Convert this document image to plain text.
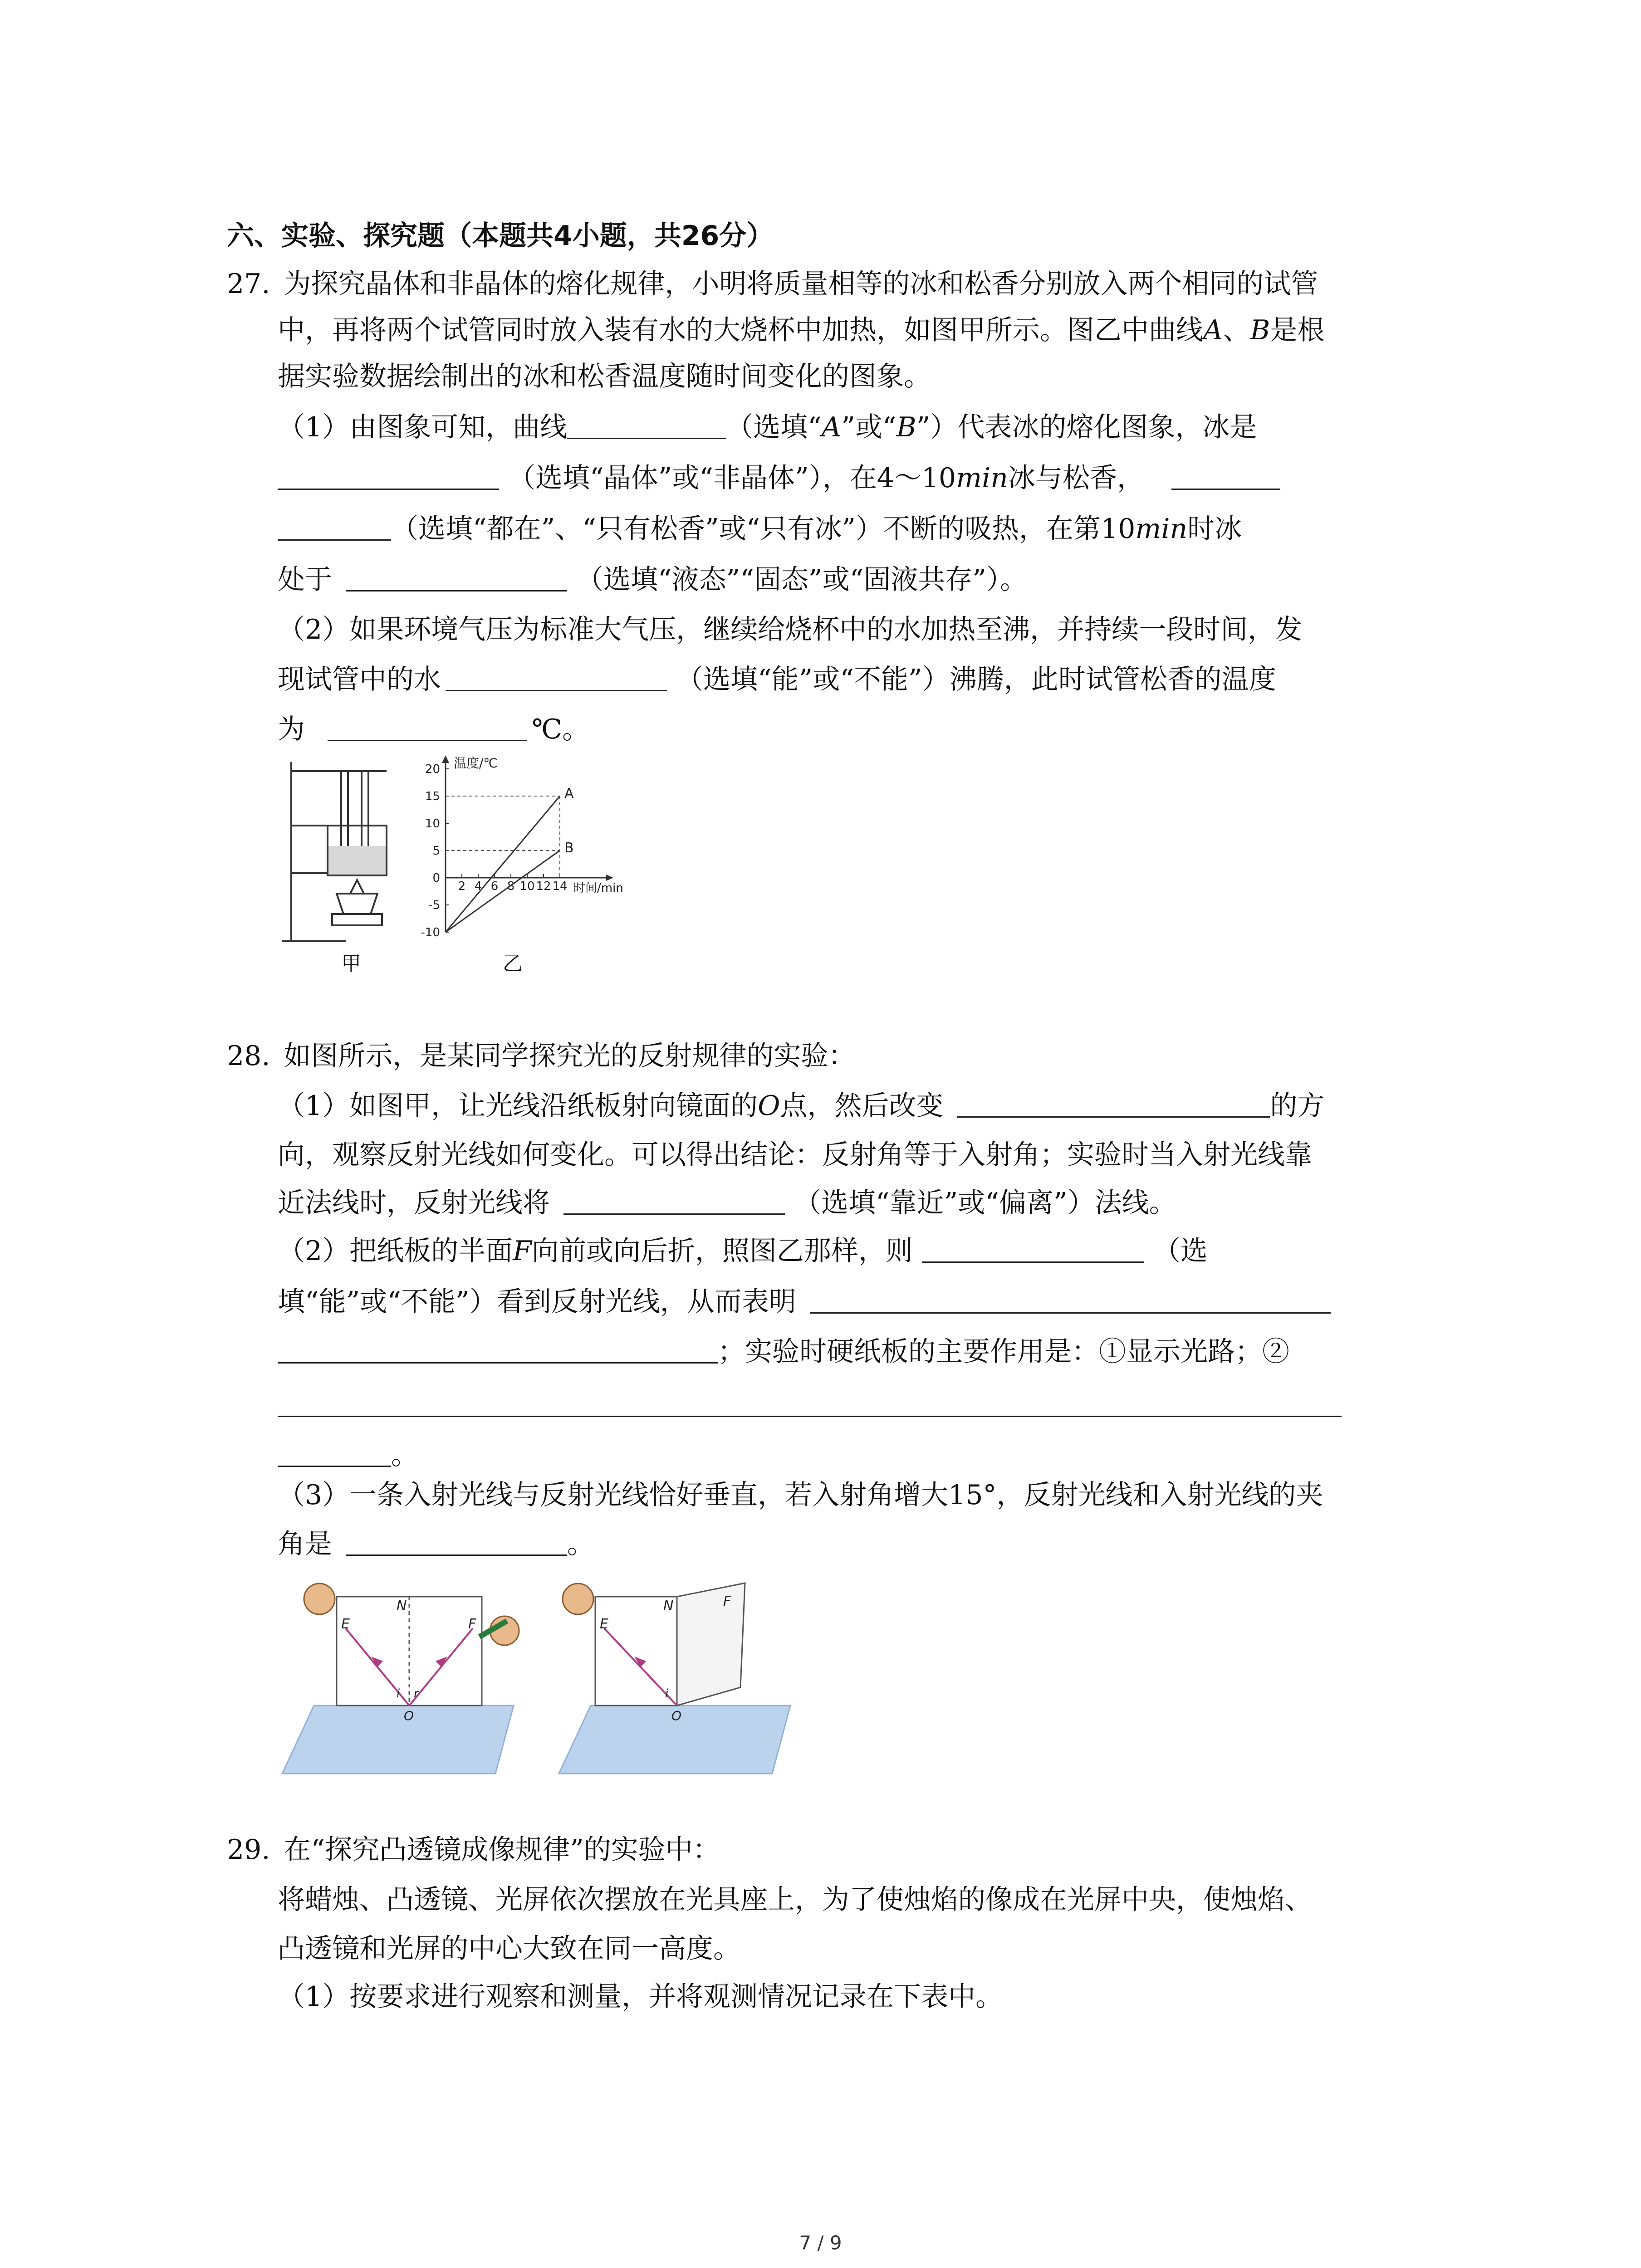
六、实验、探究题（本题共4小题，共26分）
27. 为探究晶体和非晶体的熔化规律，小明将质量相等的冰和松香分别放入两个相同的试管
中，再将两个试管同时放入装有水的大烧杯中加热，如图甲所示。图乙中曲线A、B是根
据实验数据绘制出的冰和松香温度随时间变化的图象。
（1）由图象可知，曲线	（选填“A”或“B”）代表冰的熔化图象，冰是
（选填“晶体”或“非晶体”），在4～10min冰与松香，
（选填“都在”、“只有松香”或“只有冰”）不断的吸热，在第10min时冰
处于	（选填“液态”“固态”或“固液共存”）。
（2）如果环境气压为标准大气压，继续给烧杯中的水加热至沸，并持续一段时间，发
现试管中的水	（选填“能”或“不能”）沸腾，此时试管松香的温度
为	℃。
温度/℃
时间/min
20
15
10
5
0
-5
-10
2 4 6 8 10 12 14
A
B
甲	乙
28. 如图所示，是某同学探究光的反射规律的实验：
（1）如图甲，让光线沿纸板射向镜面的O点，然后改变	的方
向，观察反射光线如何变化。可以得出结论：反射角等于入射角；实验时当入射光线靠
近法线时，反射光线将	（选填“靠近”或“偏离”）法线。
（2）把纸板的半面F向前或向后折，照图乙那样，则	（选
填“能”或“不能”）看到反射光线，从而表明
；实验时硬纸板的主要作用是：①显示光路；②
。
（3）一条入射光线与反射光线恰好垂直，若入射角增大15°，反射光线和入射光线的夹
角是	。
E
N
F
i r
O
E
N	F
i
O
29. 在“探究凸透镜成像规律”的实验中：
将蜡烛、凸透镜、光屏依次摆放在光具座上，为了使烛焰的像成在光屏中央，使烛焰、
凸透镜和光屏的中心大致在同一高度。
（1）按要求进行观察和测量，并将观测情况记录在下表中。
7 / 9
